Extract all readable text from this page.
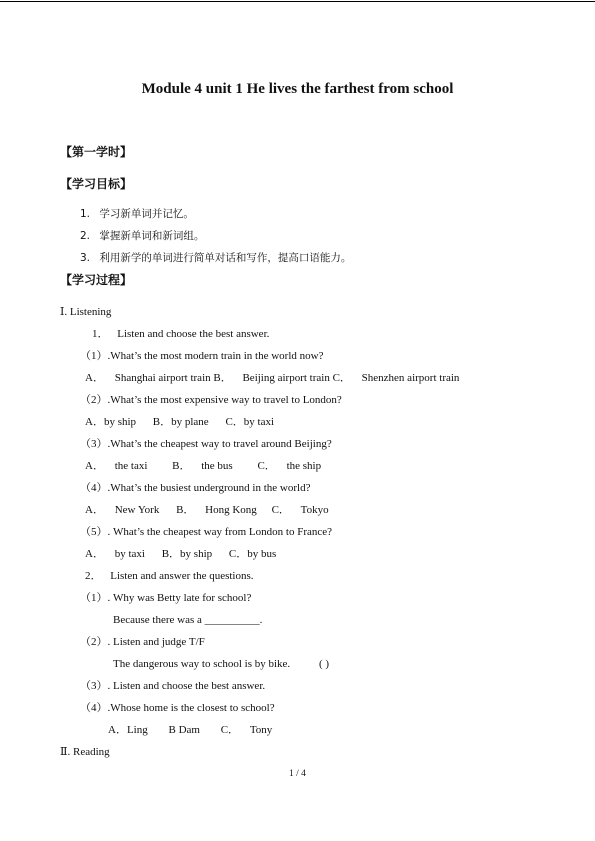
Module 4 unit 1 He lives the farthest from school
【第一学时】
【学习目标】
1. 学习新单词并记忆。
2. 掌握新单词和新词组。
3. 利用新学的单词进行简单对话和写作，提高口语能力。
【学习过程】
Ⅰ. Listening
1． Listen and choose the best answer.
（1）.What’s the most modern train in the world now?
A． Shanghai airport train B． Beijing airport train C． Shenzhen airport train
（2）.What’s the most expensive way to travel to London?
A．by ship B．by plane C．by taxi
（3）.What’s the cheapest way to travel around Beijing?
A． the taxi B． the bus C． the ship
（4）.What’s the busiest underground in the world?
A． New York B． Hong Kong C． Tokyo
（5）. What’s the cheapest way from London to France?
A． by taxi B．by ship C．by bus
2． Listen and answer the questions.
（1）. Why was Betty late for school?
Because there was a __________.
（2）. Listen and judge T/F
The dangerous way to school is by bike.	( )
（3）. Listen and choose the best answer.
（4）.Whose home is the closest to school?
A．Ling B Dam C． Tony
Ⅱ. Reading
1 / 4
